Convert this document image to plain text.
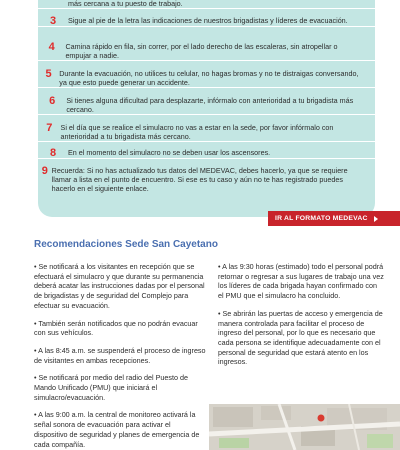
más cercana a tu puesto de trabajo.
3	Sigue al pie de la letra las indicaciones de nuestros brigadistas y líderes de evacuación.
4	Camina rápido en fila, sin correr, por el lado derecho de las escaleras, sin atropellar o empujar a nadie.
5	Durante la evacuación, no utilices tu celular, no hagas bromas y no te distraigas conversando, ya que esto puede generar un accidente.
6	Si tienes alguna dificultad para desplazarte, infórmalo con anterioridad a tu brigadista más cercano.
7	Si el día que se realice el simulacro no vas a estar en la sede, por favor infórmalo con anterioridad a tu brigadista más cercano.
8	En el momento del simulacro no se deben usar los ascensores.
9 Recuerda: Si no has actualizado tus datos del MEDEVAC, debes hacerlo, ya que se requiere llamar a lista en el punto de encuentro. Si ese es tu caso y aún no te has registrado puedes hacerlo en el siguiente enlace.
IR AL FORMATO MEDEVAC
Recomendaciones Sede San Cayetano

• Se notificará a los visitantes en recepción que se efectuará el simulacro y que durante su permanencia deberá acatar las instrucciones dadas por el personal de brigadistas y de seguridad del Complejo para efectuar su evacuación.

• También serán notificados que no podrán evacuar con sus vehículos.

• A las 8:45 a.m. se suspenderá el proceso de ingreso de visitantes en ambas recepciones.

• Se notificará por medio del radio del Puesto de Mando Unificado (PMU) que iniciará el simulacro/evacuación.

• A las 9:00 a.m. la central de monitoreo activará la señal sonora de evacuación para activar el dispositivo de seguridad y planes de emergencia de cada compañía.

• A las 9:30 horas (estimado) todo el personal podrá retornar o regresar a sus lugares de trabajo una vez los líderes de cada brigada hayan confirmado con el PMU que el simulacro ha concluido.

• Se abrirán las puertas de acceso y emergencia de manera controlada para facilitar el proceso de ingreso del personal, por lo que es necesario que cada persona se identifique adecuadamente con el personal de seguridad que estará atento en los ingresos.
